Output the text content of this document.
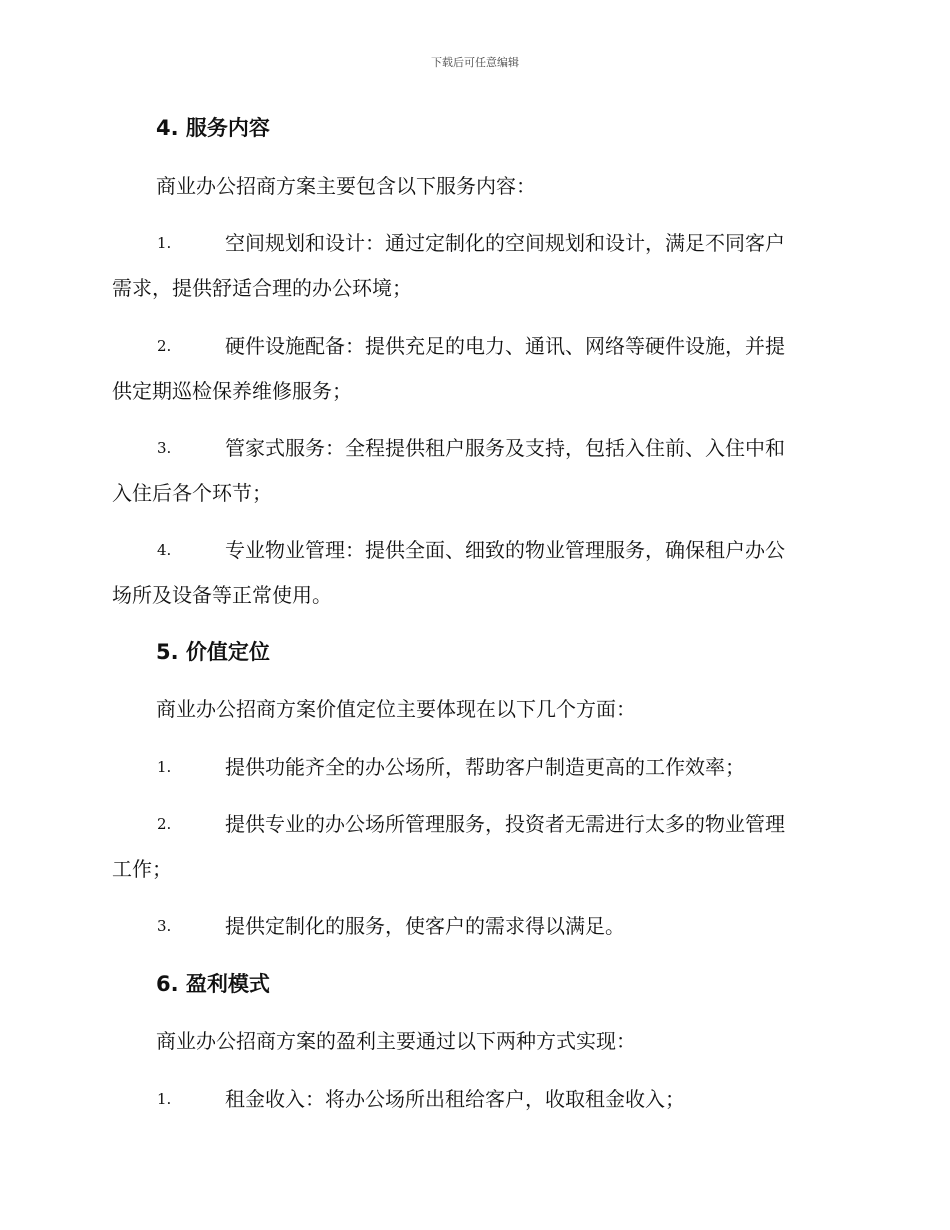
下载后可任意编辑
4. 服务内容
商业办公招商方案主要包含以下服务内容：
1.	空间规划和设计：通过定制化的空间规划和设计，满足不同客户
需求，提供舒适合理的办公环境；
2.	硬件设施配备：提供充足的电力、通讯、网络等硬件设施，并提
供定期巡检保养维修服务；
3.	管家式服务：全程提供租户服务及支持，包括入住前、入住中和
入住后各个环节；
4.	专业物业管理：提供全面、细致的物业管理服务，确保租户办公
场所及设备等正常使用。
5. 价值定位
商业办公招商方案价值定位主要体现在以下几个方面：
1.	提供功能齐全的办公场所，帮助客户制造更高的工作效率；
2.	提供专业的办公场所管理服务，投资者无需进行太多的物业管理
工作；
3.	提供定制化的服务，使客户的需求得以满足。
6. 盈利模式
商业办公招商方案的盈利主要通过以下两种方式实现：
1.	租金收入：将办公场所出租给客户，收取租金收入；
